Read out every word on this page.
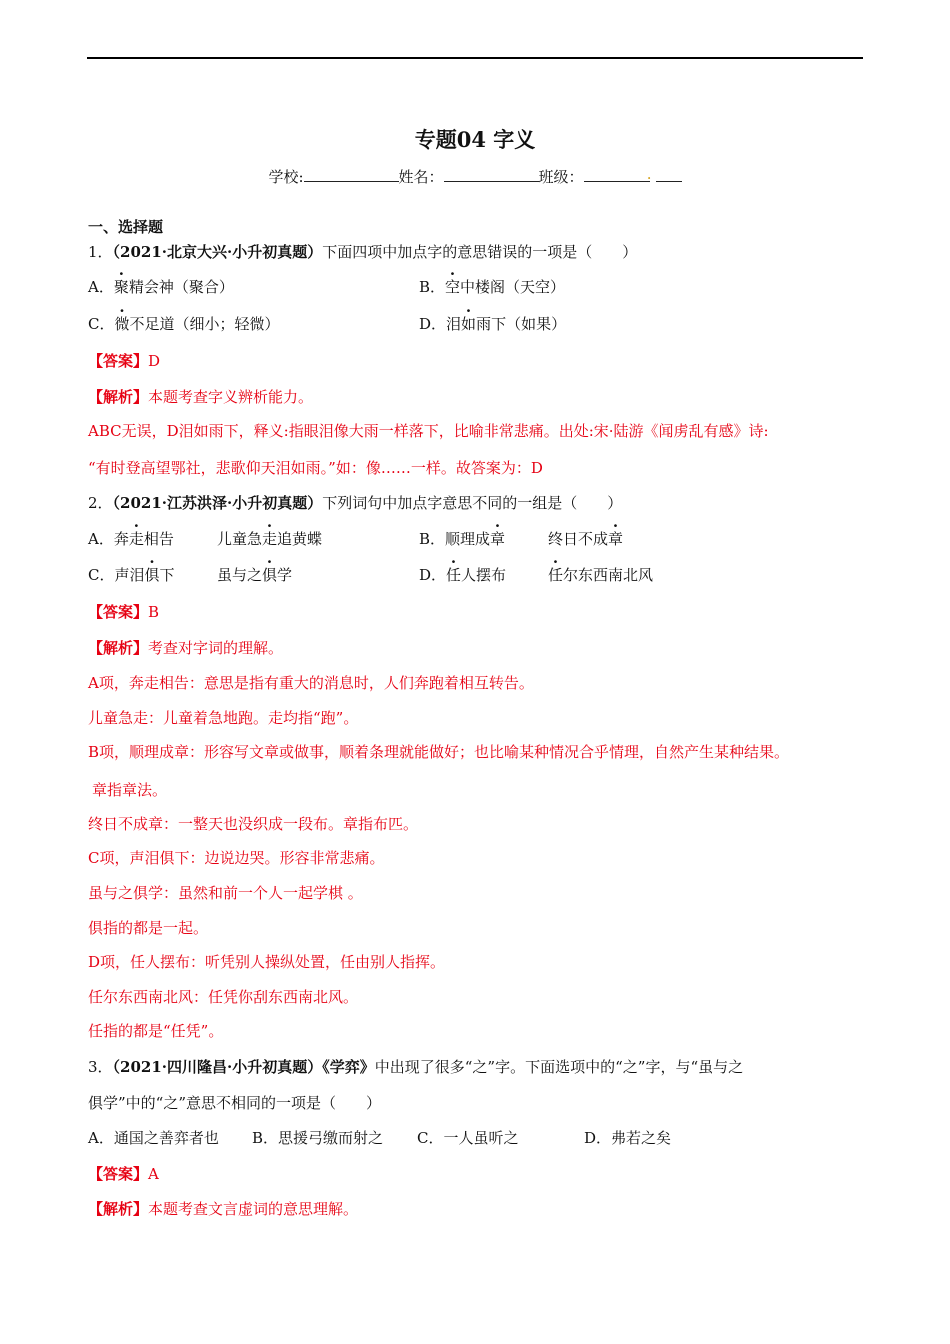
专题04 字义
学校:	姓名：	班级：	.
一、选择题
1．（2021·北京大兴·小升初真题）下面四项中加点字的意思错误的一项是（　　）
A．聚精会神（聚合）	B．空中楼阁（天空）
C．微不足道（细小；轻微）	D．泪如雨下（如果）
【答案】D
【解析】本题考查字义辨析能力。
ABC无误，D泪如雨下，释义:指眼泪像大雨一样落下，比喻非常悲痛。出处:宋·陆游《闻虏乱有感》诗:
“有时登高望鄂社，悲歌仰天泪如雨。”如：像……一样。故答案为：D
2．（2021·江苏洪泽·小升初真题）下列词句中加点字意思不同的一组是（　　）
A．奔走相告	儿童急走追黄蝶	B．顺理成章	终日不成章
C．声泪俱下	虽与之俱学	D．任人摆布	任尔东西南北风
【答案】B
【解析】考查对字词的理解。
A项，奔走相告：意思是指有重大的消息时，人们奔跑着相互转告。
儿童急走：儿童着急地跑。走均指“跑”。
B项，顺理成章：形容写文章或做事，顺着条理就能做好；也比喻某种情况合乎情理，自然产生某种结果。
章指章法。
终日不成章：一整天也没织成一段布。章指布匹。
C项，声泪俱下：边说边哭。形容非常悲痛。
虽与之俱学：虽然和前一个人一起学棋 。
俱指的都是一起。
D项，任人摆布：听凭别人操纵处置，任由别人指挥。
任尔东西南北风：任凭你刮东西南北风。
任指的都是“任凭”。
3．（2021·四川隆昌·小升初真题）《学弈》中出现了很多“之”字。下面选项中的“之”字，与“虽与之
俱学”中的“之”意思不相同的一项是（　　）
A．通国之善弈者也 B．思援弓缴而射之 C．一人虽听之	D．弗若之矣
【答案】A
【解析】本题考查文言虚词的意思理解。
